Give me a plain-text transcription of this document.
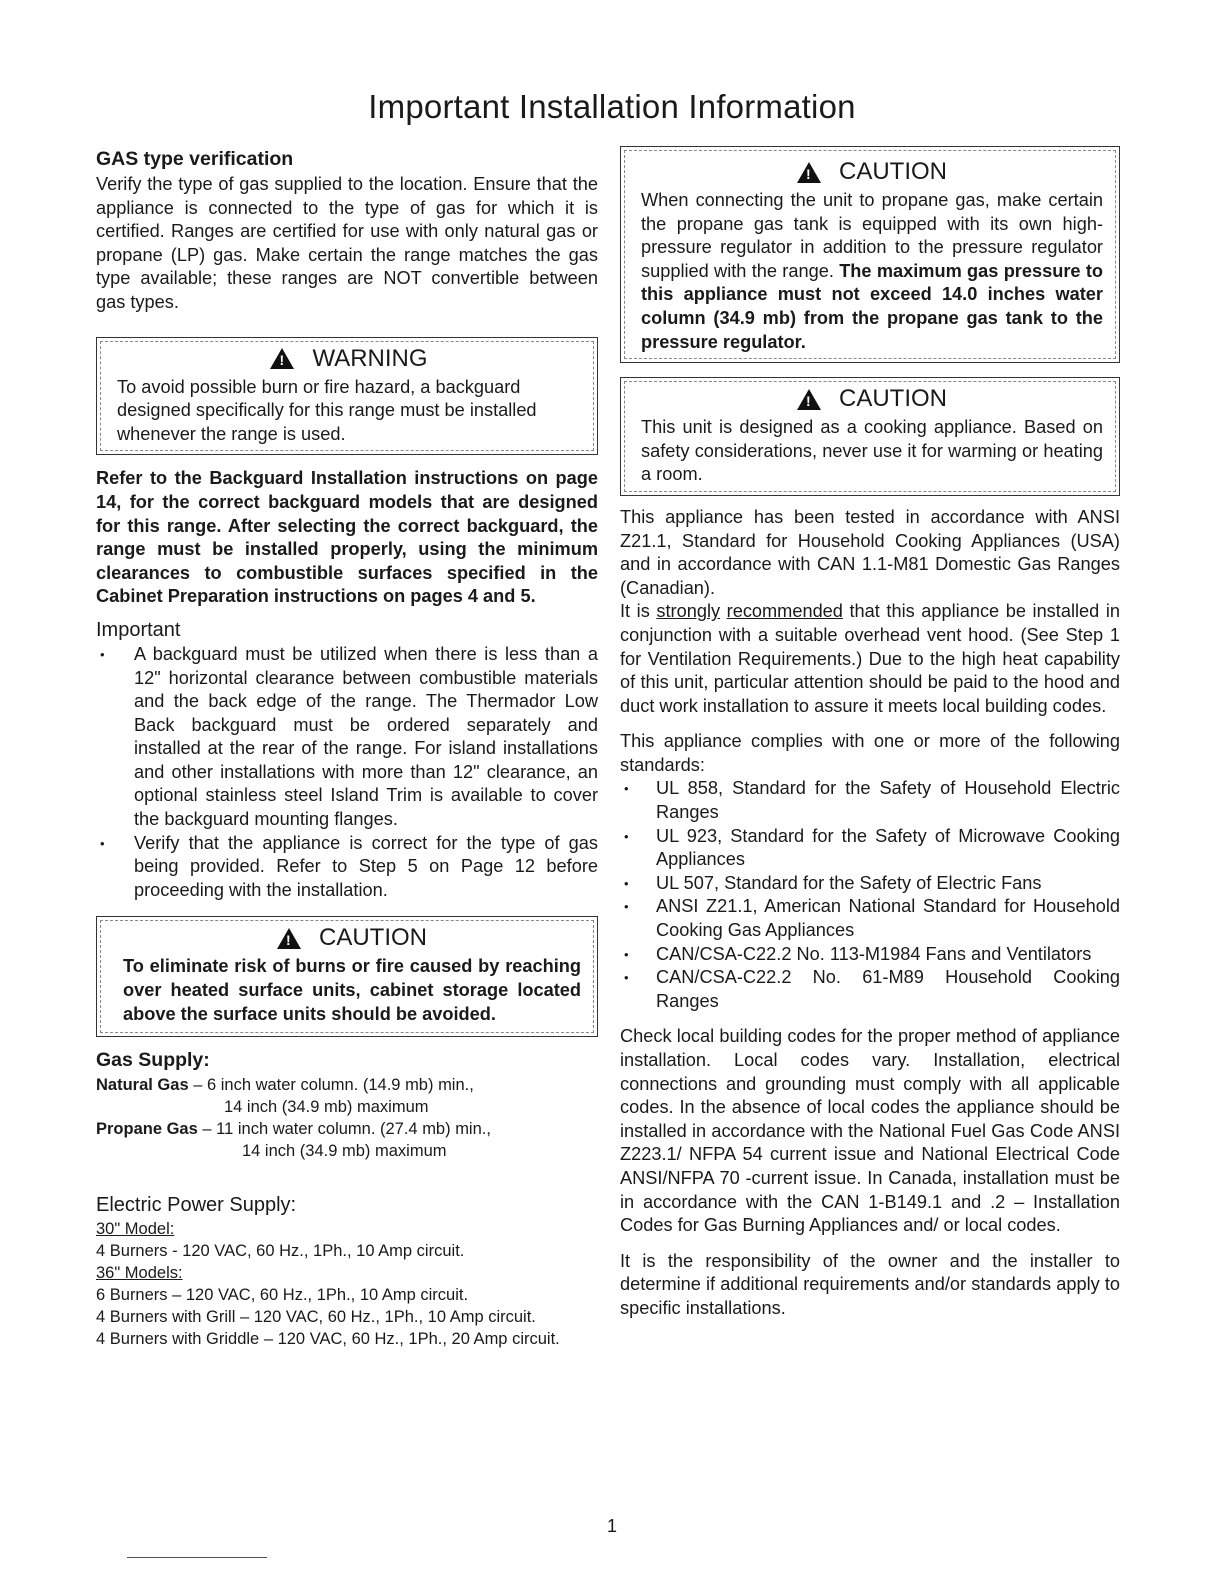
Important Installation Information

GAS type verification

Verify the type of gas supplied to the location. Ensure that the appliance is connected to the type of gas for which it is certified. Ranges are certified for use with only natural gas or propane (LP) gas. Make certain the range matches the gas type available; these ranges are NOT convertible between gas types.

!
WARNING

To avoid possible burn or fire hazard, a backguard designed specifically for this range must be installed whenever the range is used.

Refer to the Backguard Installation instructions on page 14, for the correct backguard models that are designed for this range. After selecting the correct backguard, the range must be installed properly, using the minimum clearances to combustible surfaces specified in the Cabinet Preparation instructions on pages 4 and 5.

Important

• A backguard must be utilized when there is less than a 12" horizontal clearance between combustible materials and the back edge of the range. The Thermador Low Back backguard must be ordered separately and installed at the rear of the range. For island installations and other installations with more than 12" clearance, an optional stainless steel Island Trim is available to cover the backguard mounting flanges.
• Verify that the appliance is correct for the type of gas being provided. Refer to Step 5 on Page 12 before proceeding with the installation.
!
CAUTION

To eliminate risk of burns or fire caused by reaching over heated surface units, cabinet storage located above the surface units should be avoided.

Gas Supply:

Natural Gas – 6 inch water column. (14.9 mb) min.,

14 inch (34.9 mb) maximum

Propane Gas – 11 inch water column. (27.4 mb) min.,

14 inch (34.9 mb) maximum

Electric Power Supply:

30" Model:

4 Burners - 120 VAC, 60 Hz., 1Ph., 10 Amp circuit.

36" Models:

6 Burners – 120 VAC, 60 Hz., 1Ph., 10 Amp circuit.

4 Burners with Grill – 120 VAC, 60 Hz., 1Ph., 10 Amp circuit.

4 Burners with Griddle – 120 VAC, 60 Hz., 1Ph., 20 Amp circuit.

!
CAUTION

When connecting the unit to propane gas, make certain the propane gas tank is equipped with its own high-pressure regulator in addition to the pressure regulator supplied with the range. The maximum gas pressure to this appliance must not exceed 14.0 inches water column (34.9 mb) from the propane gas tank to the pressure regulator.

!
CAUTION

This unit is designed as a cooking appliance. Based on safety considerations, never use it for warming or heating a room.

This appliance has been tested in accordance with ANSI Z21.1, Standard for Household Cooking Appliances (USA) and in accordance with CAN 1.1-M81 Domestic Gas Ranges (Canadian).

It is strongly recommended that this appliance be installed in conjunction with a suitable overhead vent hood. (See Step 1 for Ventilation Requirements.) Due to the high heat capability of this unit, particular attention should be paid to the hood and duct work installation to assure it meets local building codes.

This appliance complies with one or more of the following standards:

• UL 858, Standard for the Safety of Household Electric Ranges
• UL 923, Standard for the Safety of Microwave Cooking Appliances
• UL 507, Standard for the Safety of Electric Fans
• ANSI Z21.1, American National Standard for Household Cooking Gas Appliances
• CAN/CSA-C22.2 No. 113-M1984 Fans and Ventilators
• CAN/CSA-C22.2 No. 61-M89 Household Cooking Ranges

Check local building codes for the proper method of appliance installation. Local codes vary. Installation, electrical connections and grounding must comply with all applicable codes. In the absence of local codes the appliance should be installed in accordance with the National Fuel Gas Code ANSI Z223.1/ NFPA 54 current issue and National Electrical Code ANSI/NFPA 70 -current issue. In Canada, installation must be in accordance with the CAN 1-B149.1 and .2 – Installation Codes for Gas Burning Appliances and/ or local codes.

It is the responsibility of the owner and the installer to determine if additional requirements and/or standards apply to specific installations.

1
